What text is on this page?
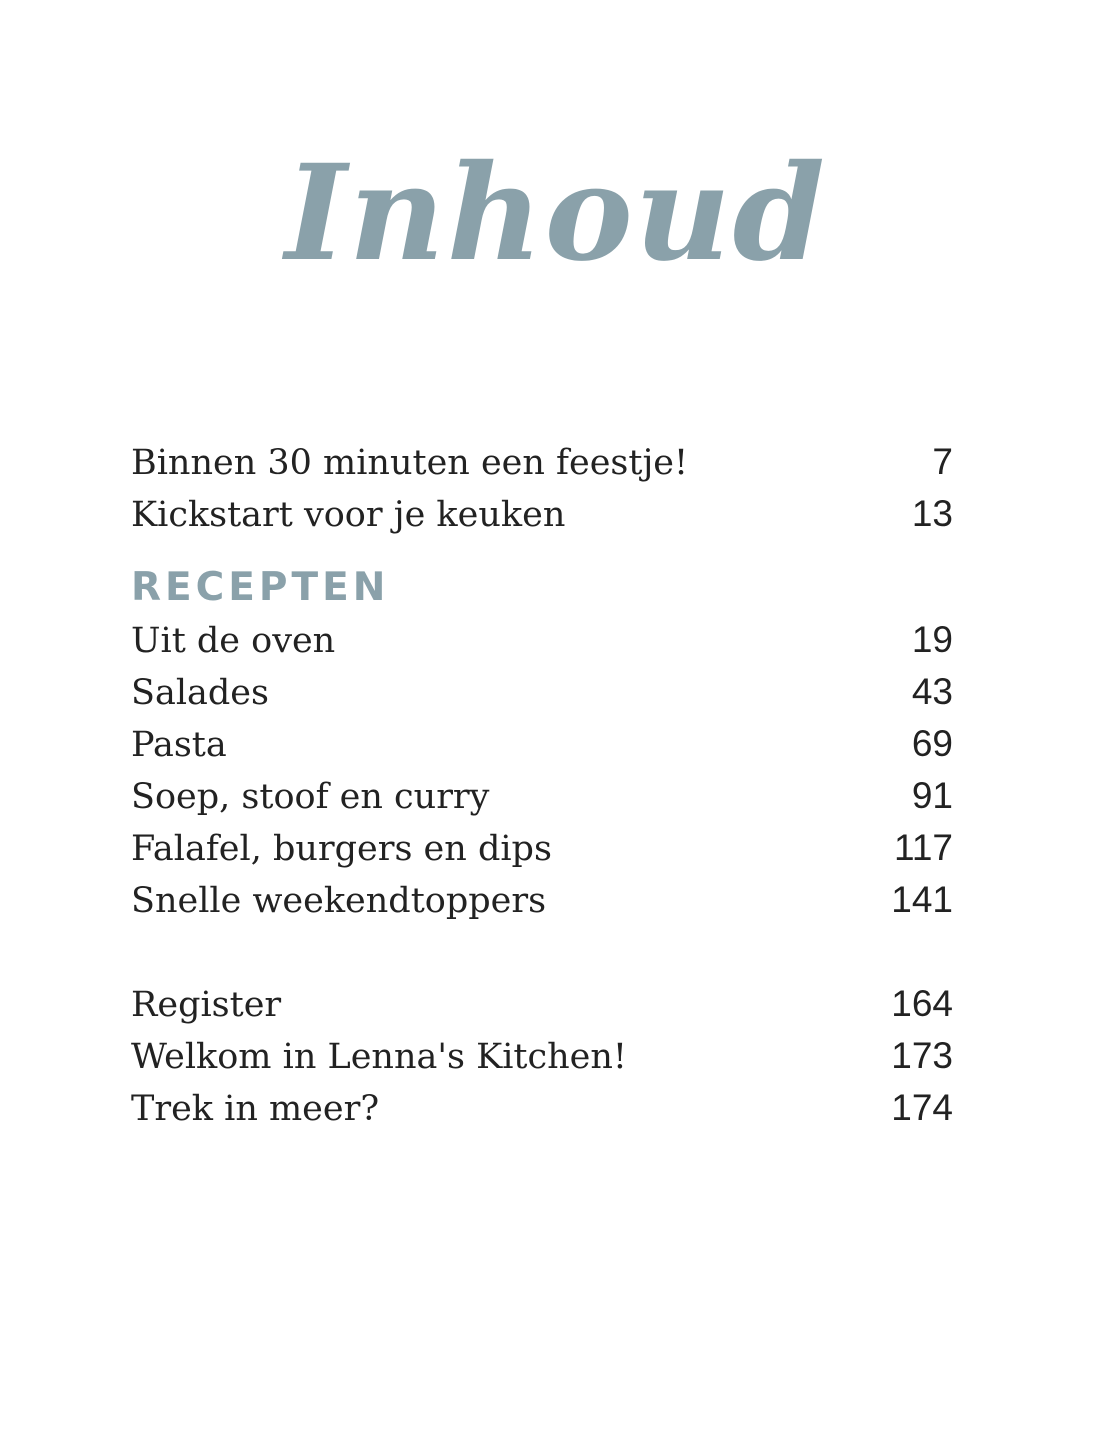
Inhoud
Binnen 30 minuten een feestje!	7
Kickstart voor je keuken	13
RECEPTEN
Uit de oven	19
Salades	43
Pasta	69
Soep, stoof en curry	91
Falafel, burgers en dips	117
Snelle weekendtoppers	141
Register	164
Welkom in Lenna's Kitchen!	173
Trek in meer?	174
